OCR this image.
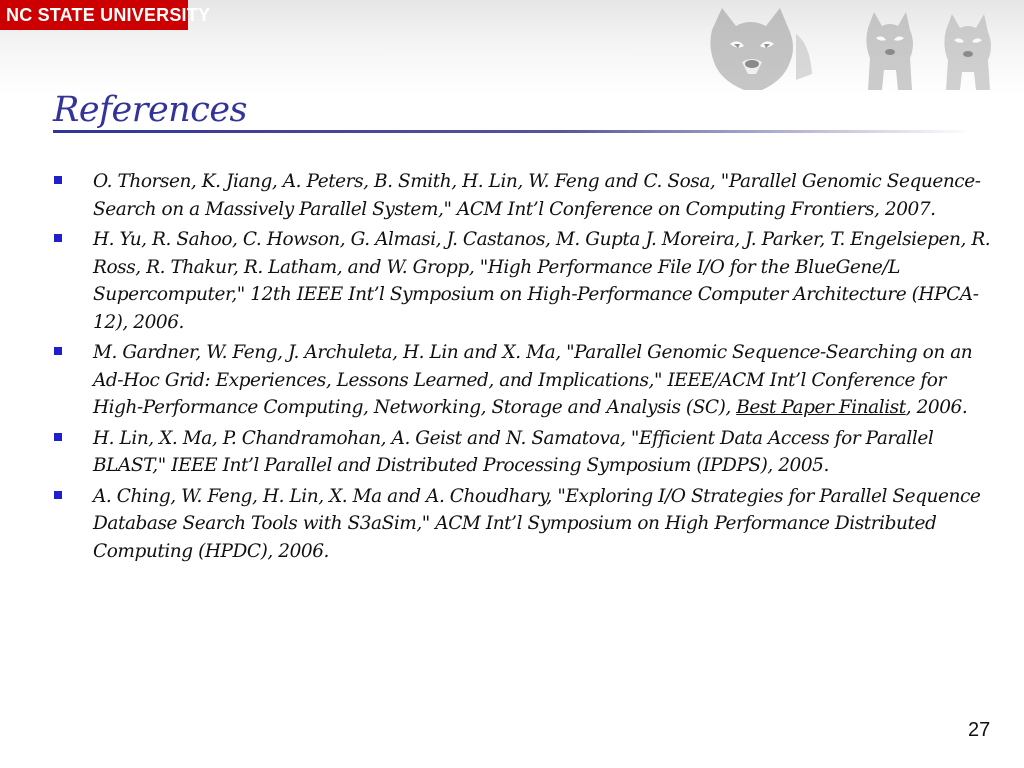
NC STATE UNIVERSITY
References
O. Thorsen, K. Jiang, A. Peters, B. Smith, H. Lin, W. Feng and C. Sosa, "Parallel Genomic Sequence-Search on a Massively Parallel System," ACM Int’l Conference on Computing Frontiers, 2007.
H. Yu, R. Sahoo, C. Howson, G. Almasi, J. Castanos, M. Gupta J. Moreira, J. Parker, T. Engelsiepen, R. Ross, R. Thakur, R. Latham, and W. Gropp, "High Performance File I/O for the BlueGene/L Supercomputer," 12th IEEE Int’l Symposium on High-Performance Computer Architecture (HPCA-12), 2006.
M. Gardner, W. Feng, J. Archuleta, H. Lin and X. Ma, "Parallel Genomic Sequence-Searching on an Ad-Hoc Grid: Experiences, Lessons Learned, and Implications," IEEE/ACM Int’l Conference for High-Performance Computing, Networking, Storage and Analysis (SC), Best Paper Finalist, 2006.
H. Lin, X. Ma, P. Chandramohan, A. Geist and N. Samatova, "Efficient Data Access for Parallel BLAST," IEEE Int’l Parallel and Distributed Processing Symposium (IPDPS), 2005.
A. Ching, W. Feng, H. Lin, X. Ma and A. Choudhary, "Exploring I/O Strategies for Parallel Sequence Database Search Tools with S3aSim," ACM Int’l Symposium on High Performance Distributed Computing (HPDC), 2006.
27
